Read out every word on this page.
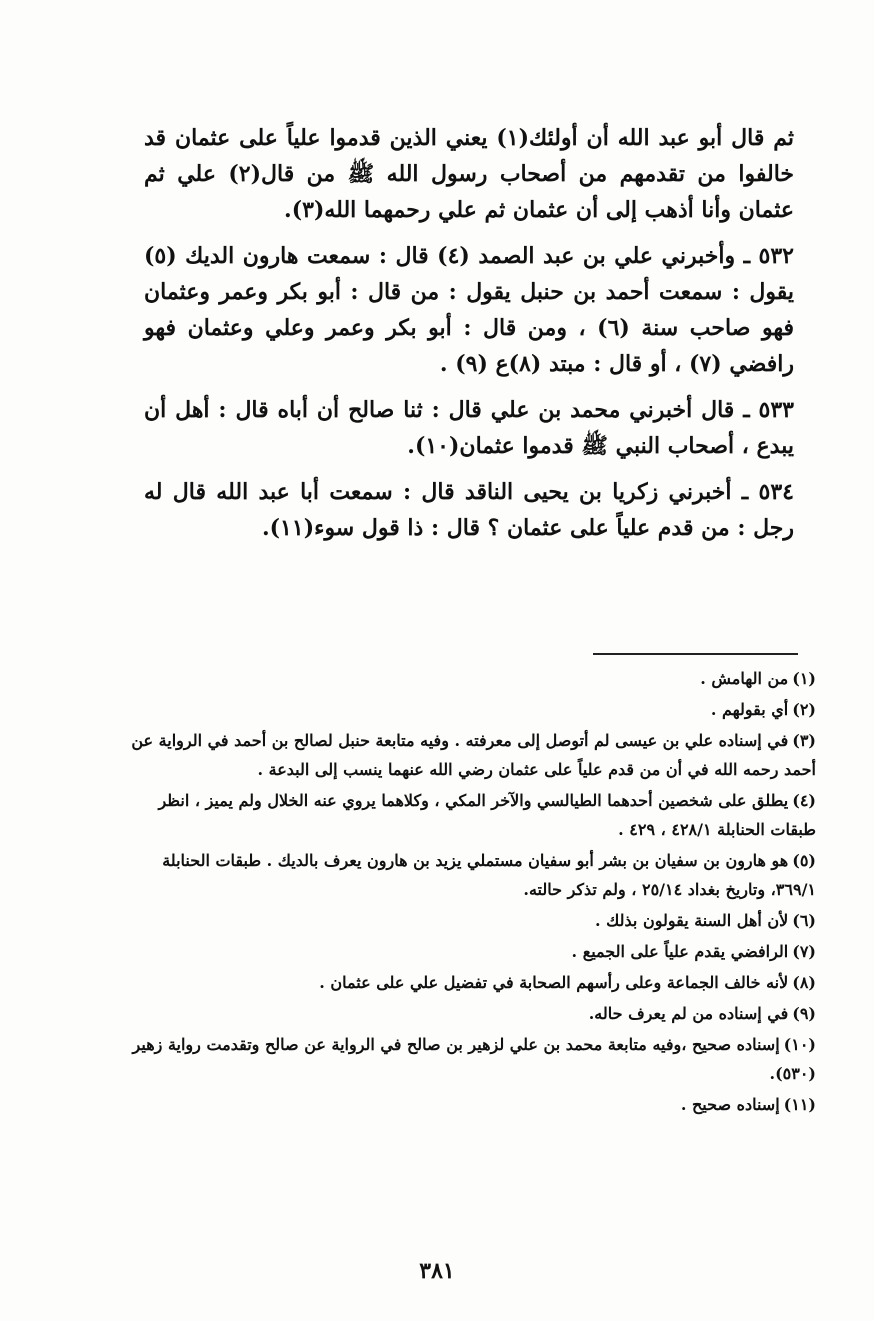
ثم قال أبو عبد الله أن أولئك(١) يعني الذين قدموا علياً على عثمان قد خالفوا من تقدمهم من أصحاب رسول الله ﷺ من قال(٢) علي ثم عثمان وأنا أذهب إلى أن عثمان ثم علي رحمهما الله(٣).

٥٣٢ ـ وأخبرني علي بن عبد الصمد (٤) قال : سمعت هارون الديك (٥) يقول : سمعت أحمد بن حنبل يقول : من قال : أبو بكر وعمر وعثمان فهو صاحب سنة (٦) ، ومن قال : أبو بكر وعمر وعلي وعثمان فهو رافضي (٧) ، أو قال : مبتد (٨)ع (٩) .

٥٣٣ ـ قال أخبرني محمد بن علي قال : ثنا صالح أن أباه قال : أهل أن يبدع ، أصحاب النبي ﷺ قدموا عثمان(١٠).

٥٣٤ ـ أخبرني زكريا بن يحيى الناقد قال : سمعت أبا عبد الله قال له رجل : من قدم علياً على عثمان ؟ قال : ذا قول سوء(١١).

(١)من الهامش .
(٢)أي بقولهم .
(٣)في إسناده علي بن عيسى لم أتوصل إلى معرفته . وفيه متابعة حنبل لصالح بن أحمد في الرواية عن أحمد رحمه الله في أن من قدم علياً على عثمان رضي الله عنهما ينسب إلى البدعة .
(٤)يطلق على شخصين أحدهما الطيالسي والآخر المكي ، وكلاهما يروي عنه الخلال ولم يميز ، انظر طبقات الحنابلة ٤٢٨/١ ، ٤٢٩ .
(٥)هو هارون بن سفيان بن بشر أبو سفيان مستملي يزيد بن هارون يعرف بالديك . طبقات الحنابلة ٣٦٩/١، وتاريخ بغداد ٢٥/١٤ ، ولم تذكر حالته.
(٦)لأن أهل السنة يقولون بذلك .
(٧)الرافضي يقدم علياً على الجميع .
(٨)لأنه خالف الجماعة وعلى رأسهم الصحابة في تفضيل علي على عثمان .
(٩)في إسناده من لم يعرف حاله.
(١٠)إسناده صحيح ،وفيه متابعة محمد بن علي لزهير بن صالح في الرواية عن صالح وتقدمت رواية زهير (٥٣٠).
(١١)إسناده صحيح .
٣٨١
